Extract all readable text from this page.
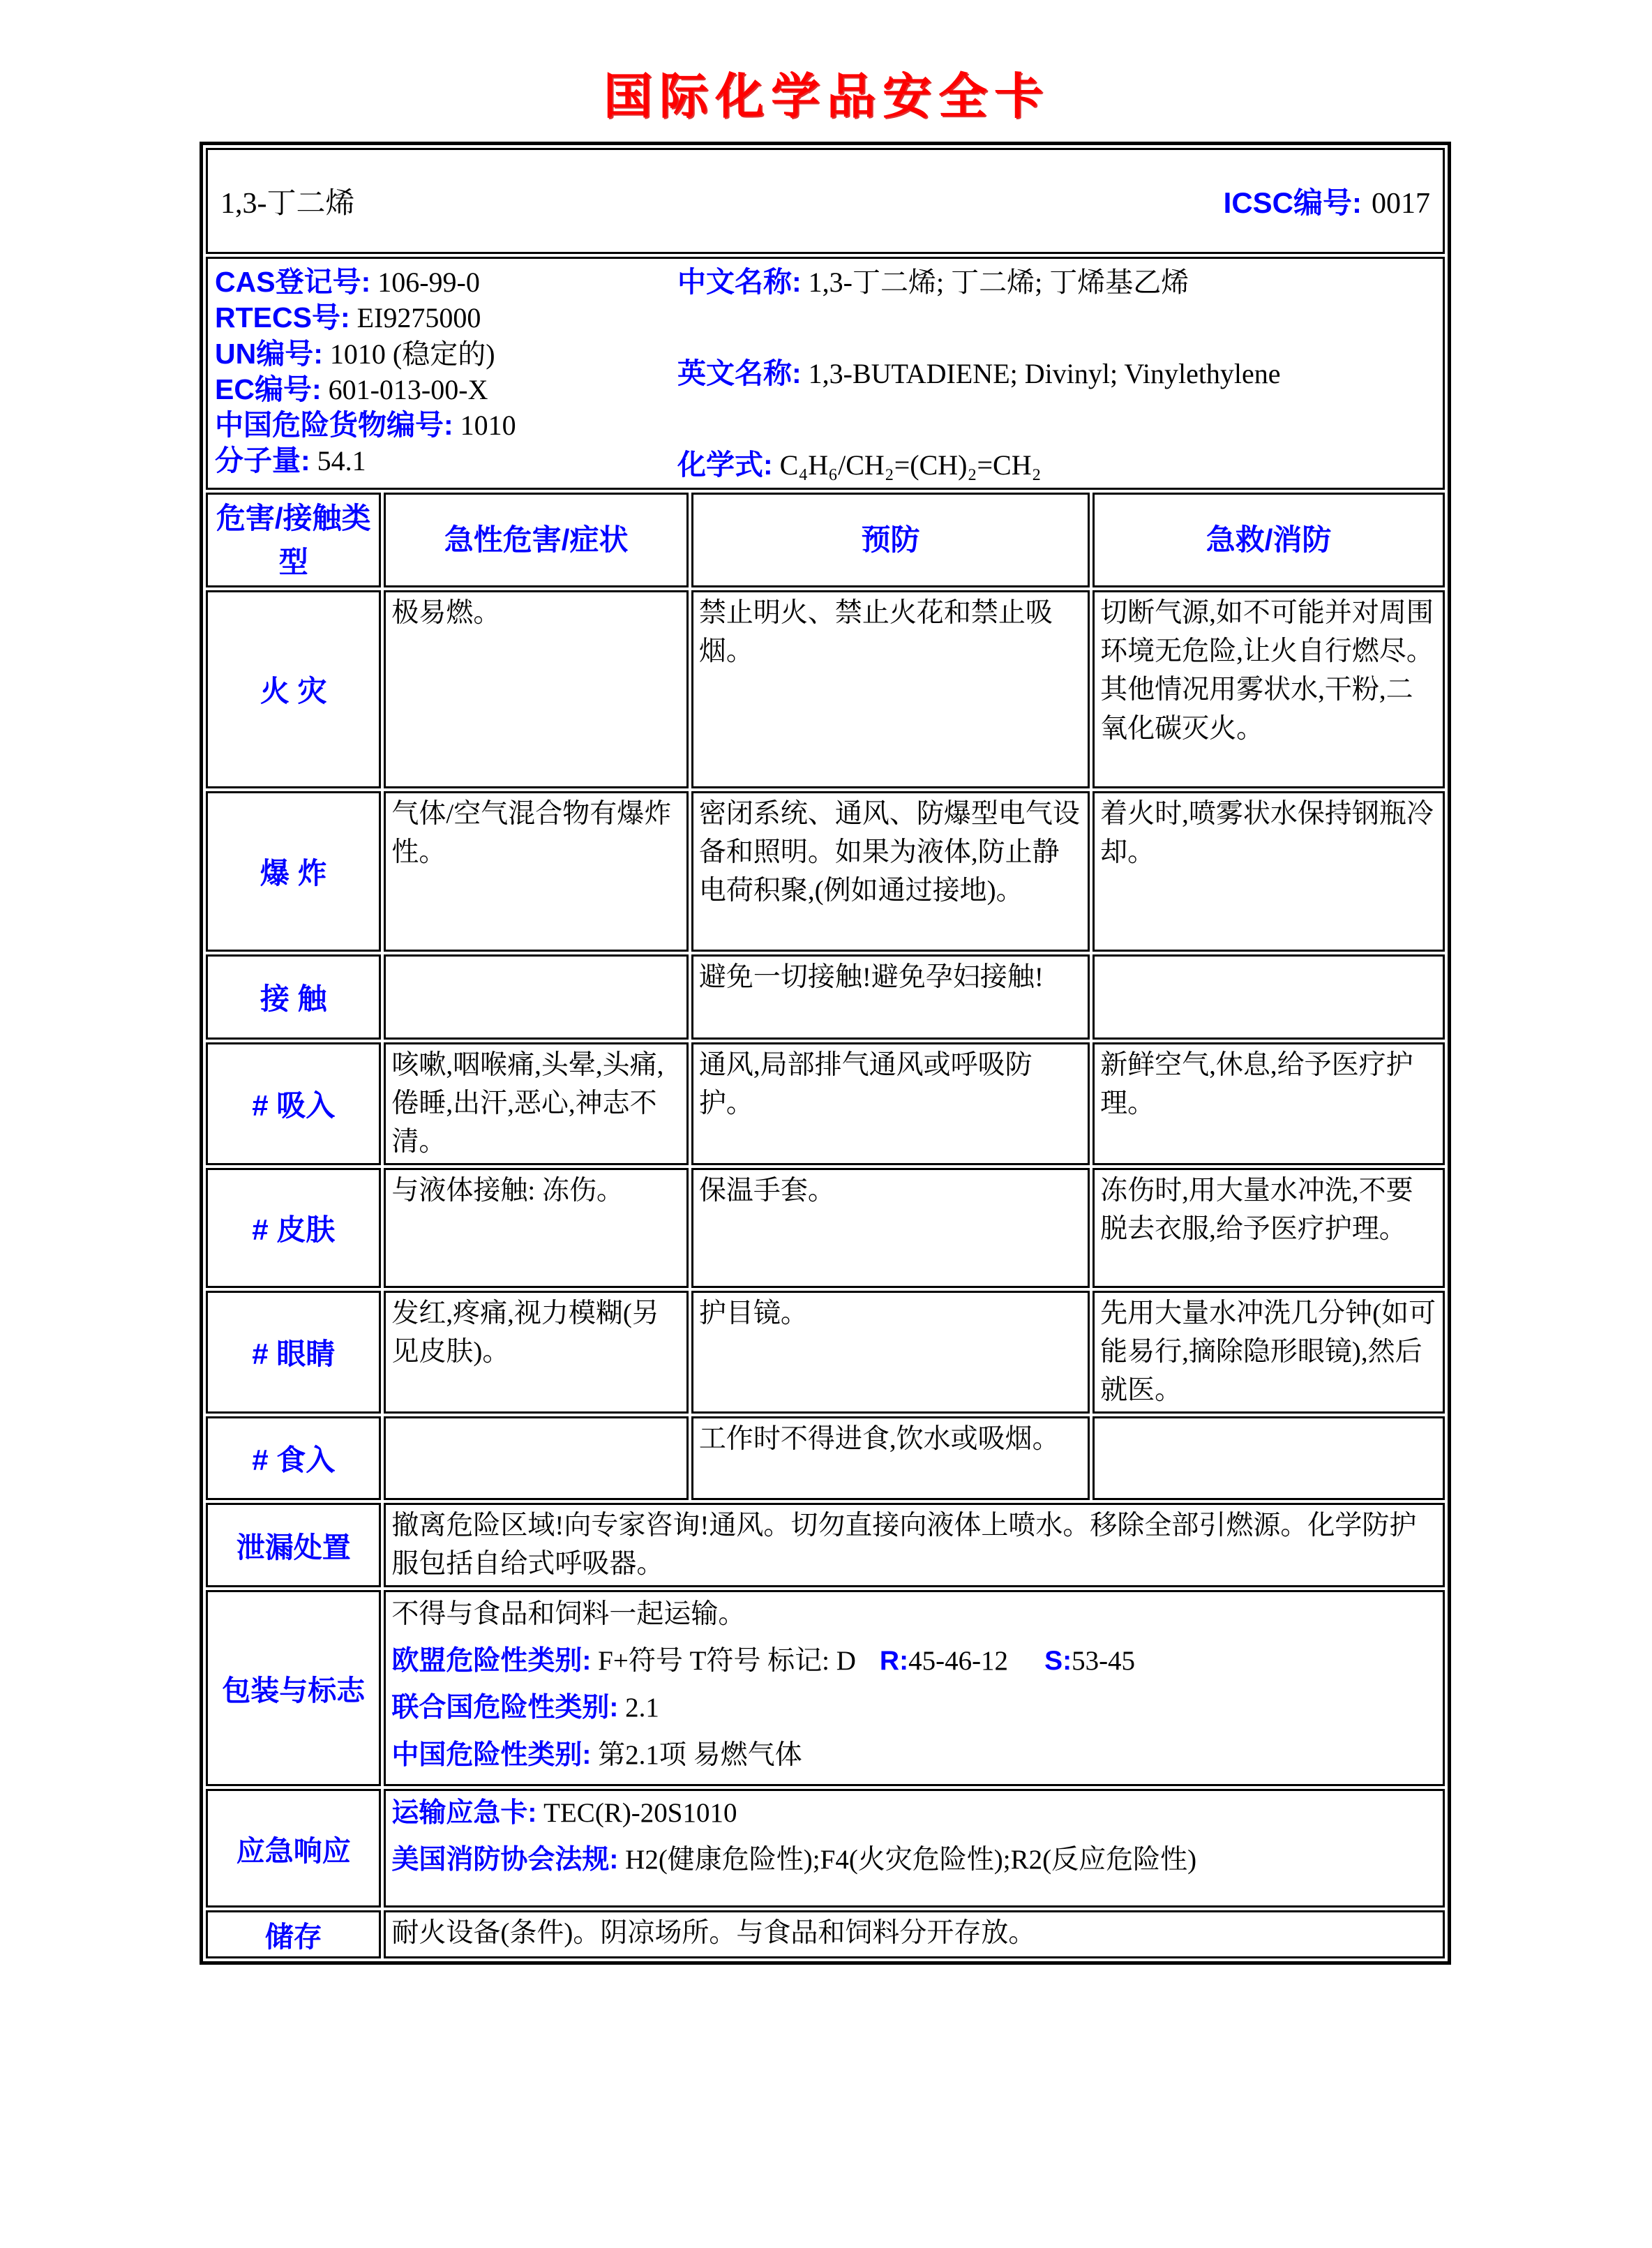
国际化学品安全卡
1,3-丁二烯 ICSC编号: 0017			

CAS登记号: 106-99-0
RTECS号: EI9275000
UN编号: 1010 (稳定的)
EC编号: 601-013-00-X
中国危险货物编号: 1010
分子量: 54.1
中文名称: 1,3-丁二烯; 丁二烯; 丁烯基乙烯
英文名称: 1,3-BUTADIENE; Divinyl; Vinylethylene
化学式: C₄H₆/CH₂=(CH)₂=CH₂

危害/接触类型	急性危害/症状	预防	急救/消防
火 灾	极易燃。	禁止明火、禁止火花和禁止吸烟。	切断气源,如不可能并对周围环境无危险,让火自行燃尽。其他情况用雾状水,干粉,二氧化碳灭火。
爆 炸	气体/空气混合物有爆炸性。	密闭系统、通风、防爆型电气设备和照明。如果为液体,防止静电荷积聚,(例如通过接地)。	着火时,喷雾状水保持钢瓶冷却。
接 触		避免一切接触!避免孕妇接触!	
# 吸入	咳嗽,咽喉痛,头晕,头痛,倦睡,出汗,恶心,神志不清。	通风,局部排气通风或呼吸防护。	新鲜空气,休息,给予医疗护理。
# 皮肤	与液体接触: 冻伤。	保温手套。	冻伤时,用大量水冲洗,不要脱去衣服,给予医疗护理。
# 眼睛	发红,疼痛,视力模糊(另见皮肤)。	护目镜。	先用大量水冲洗几分钟(如可能易行,摘除隐形眼镜),然后就医。
# 食入		工作时不得进食,饮水或吸烟。	
泄漏处置	撤离危险区域!向专家咨询!通风。切勿直接向液体上喷水。移除全部引燃源。化学防护服包括自给式呼吸器。		
包装与标志	不得与食品和饲料一起运输。
欧盟危险性类别: F+符号 T符号 标记: D R:45-46-12 S:53-45
联合国危险性类别: 2.1
中国危险性类别: 第2.1项 易燃气体		

应急响应	运输应急卡: TEC(R)-20S1010
美国消防协会法规: H2(健康危险性);F4(火灾危险性);R2(反应危险性)		

储存	耐火设备(条件)。阴凉场所。与食品和饲料分开存放。		
